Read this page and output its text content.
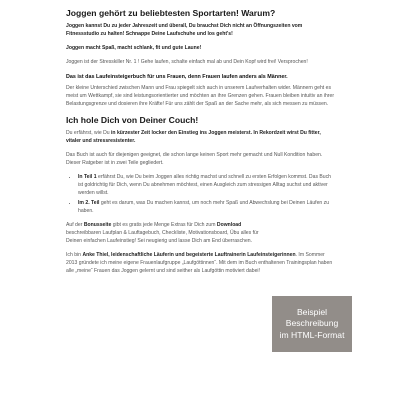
Joggen gehört zu beliebtesten Sportarten! Warum?
Joggen kannst Du zu jeder Jahreszeit und überall, Du brauchst Dich nicht an Öffnungszeiten vom Fitnessstudio zu halten! Schnappe Deine Laufschuhe und los geht's!
Joggen macht Spaß, macht schlank, fit und gute Laune!
Joggen ist der Stresskiller Nr. 1 ! Gehe laufen, schalte einfach mal ab und Dein Kopf wird frei! Versprochen!
Das ist das Laufeinsteigerbuch für uns Frauen, denn Frauen laufen anders als Männer.
Der kleine Unterschied zwischen Mann und Frau spiegelt sich auch in unserem Laufverhalten wider. Männern geht es meist um Wettkampf, sie sind leistungsorientierter und möchten an ihre Grenzen gehen. Frauen bleiben intuitiv an ihrer Belastungsgrenze und dosieren ihre Kräfte! Für uns zählt der Spaß an der Sache mehr, als sich messen zu müssen.
Ich hole Dich von Deiner Couch!
Du erfährst, wie Du in kürzester Zeit locker den Einstieg ins Joggen meisterst. In Rekordzeit wirst Du fitter, vitaler und stressresistenter.
Das Buch ist auch für diejenigen geeignet, die schon lange keinen Sport mehr gemacht und Null Kondition haben. Dieser Ratgeber ist in zwei Teile gegliedert.
• In Teil 1 erfährst Du, wie Du beim Joggen alles richtig machst und schnell zu ersten Erfolgen kommst. Das Buch ist goldrichtig für Dich, wenn Du abnehmen möchtest, einen Ausgleich zum stressigen Alltag suchst und aktiver werden willst.
• Im 2. Teil geht es darum, was Du machen kannst, um noch mehr Spaß und Abwechslung bei Deinen Läufen zu haben.
Auf der Bonusseite gibt es gratis jede Menge Extras für Dich zum Download beschreibbaren Laufplan & Lauftagebuch, Checkliste, Motivationsboard, Übu alles für Deinen einfachen Laufeinstieg! Sei neugierig und lasse Dich am End überraschen.
Ich bin Anke Thiel, leidenschaftliche Läuferin und begeisterte Lauftrainerin Laufeinsteigerinnen. Im Sommer 2013 gründete ich meine eigene Frauenlaufgruppe „Laufgöttinnen“. Mit dem im Buch enthaltenen Trainingsplan haben alle „meine“ Frauen das Joggen gelernt und sind seither als Laufgöttin motiviert dabei!
Beispiel
Beschreibung
im HTML-Format
